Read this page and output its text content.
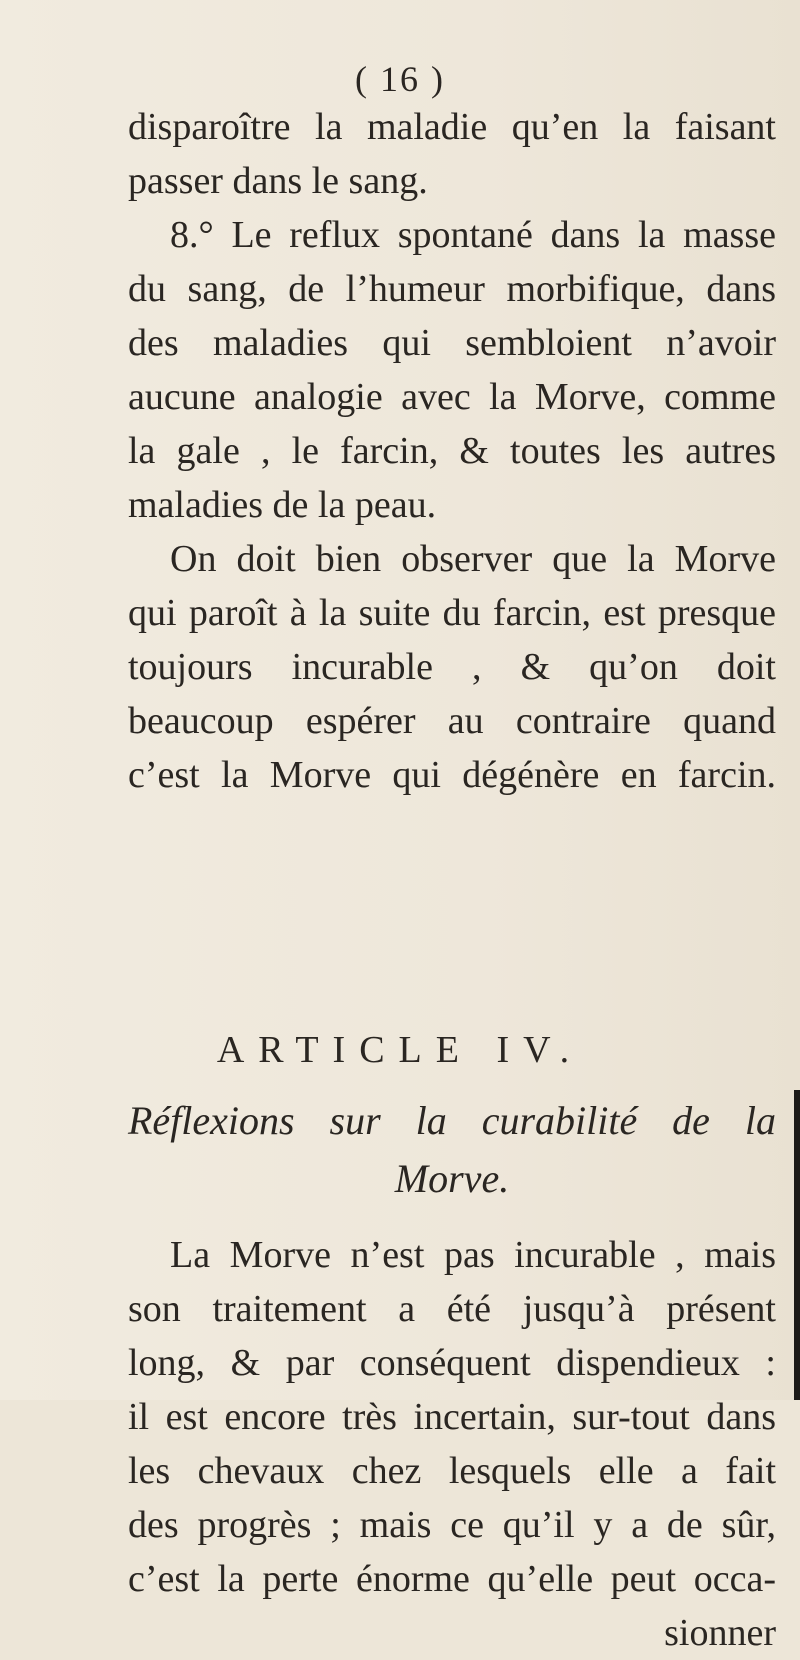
( 16 )
disparoître la maladie qu’en la faisant
passer dans le sang.
8.° Le reflux spontané dans la masse
du sang, de l’humeur morbifique, dans
des maladies qui sembloient n’avoir
aucune analogie avec la Morve, comme
la gale , le farcin, & toutes les autres
maladies de la peau.
On doit bien observer que la Morve
qui paroît à la suite du farcin, est presque
toujours incurable , & qu’on doit
beaucoup espérer au contraire quand
c’est la Morve qui dégénère en farcin.
ARTICLE IV.
Réflexions sur la curabilité de la
Morve.
La Morve n’est pas incurable , mais
son traitement a été jusqu’à présent
long, & par conséquent dispendieux :
il est encore très incertain, sur-tout dans
les chevaux chez lesquels elle a fait
des progrès ; mais ce qu’il y a de sûr,
c’est la perte énorme qu’elle peut occa-
sionner
